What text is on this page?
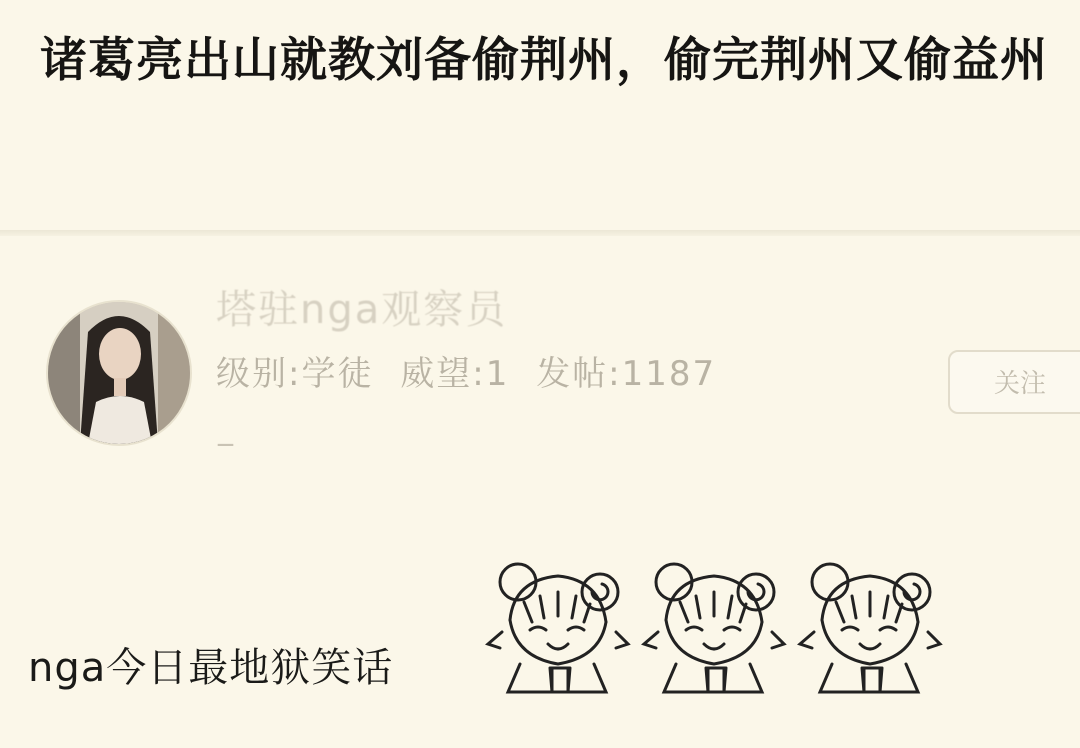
诸葛亮出山就教刘备偷荆州，偷完荆州又偷益州
塔驻nga观察员
级别:学徒 威望:1 发帖:1187
_
关注
nga今日最地狱笑话
